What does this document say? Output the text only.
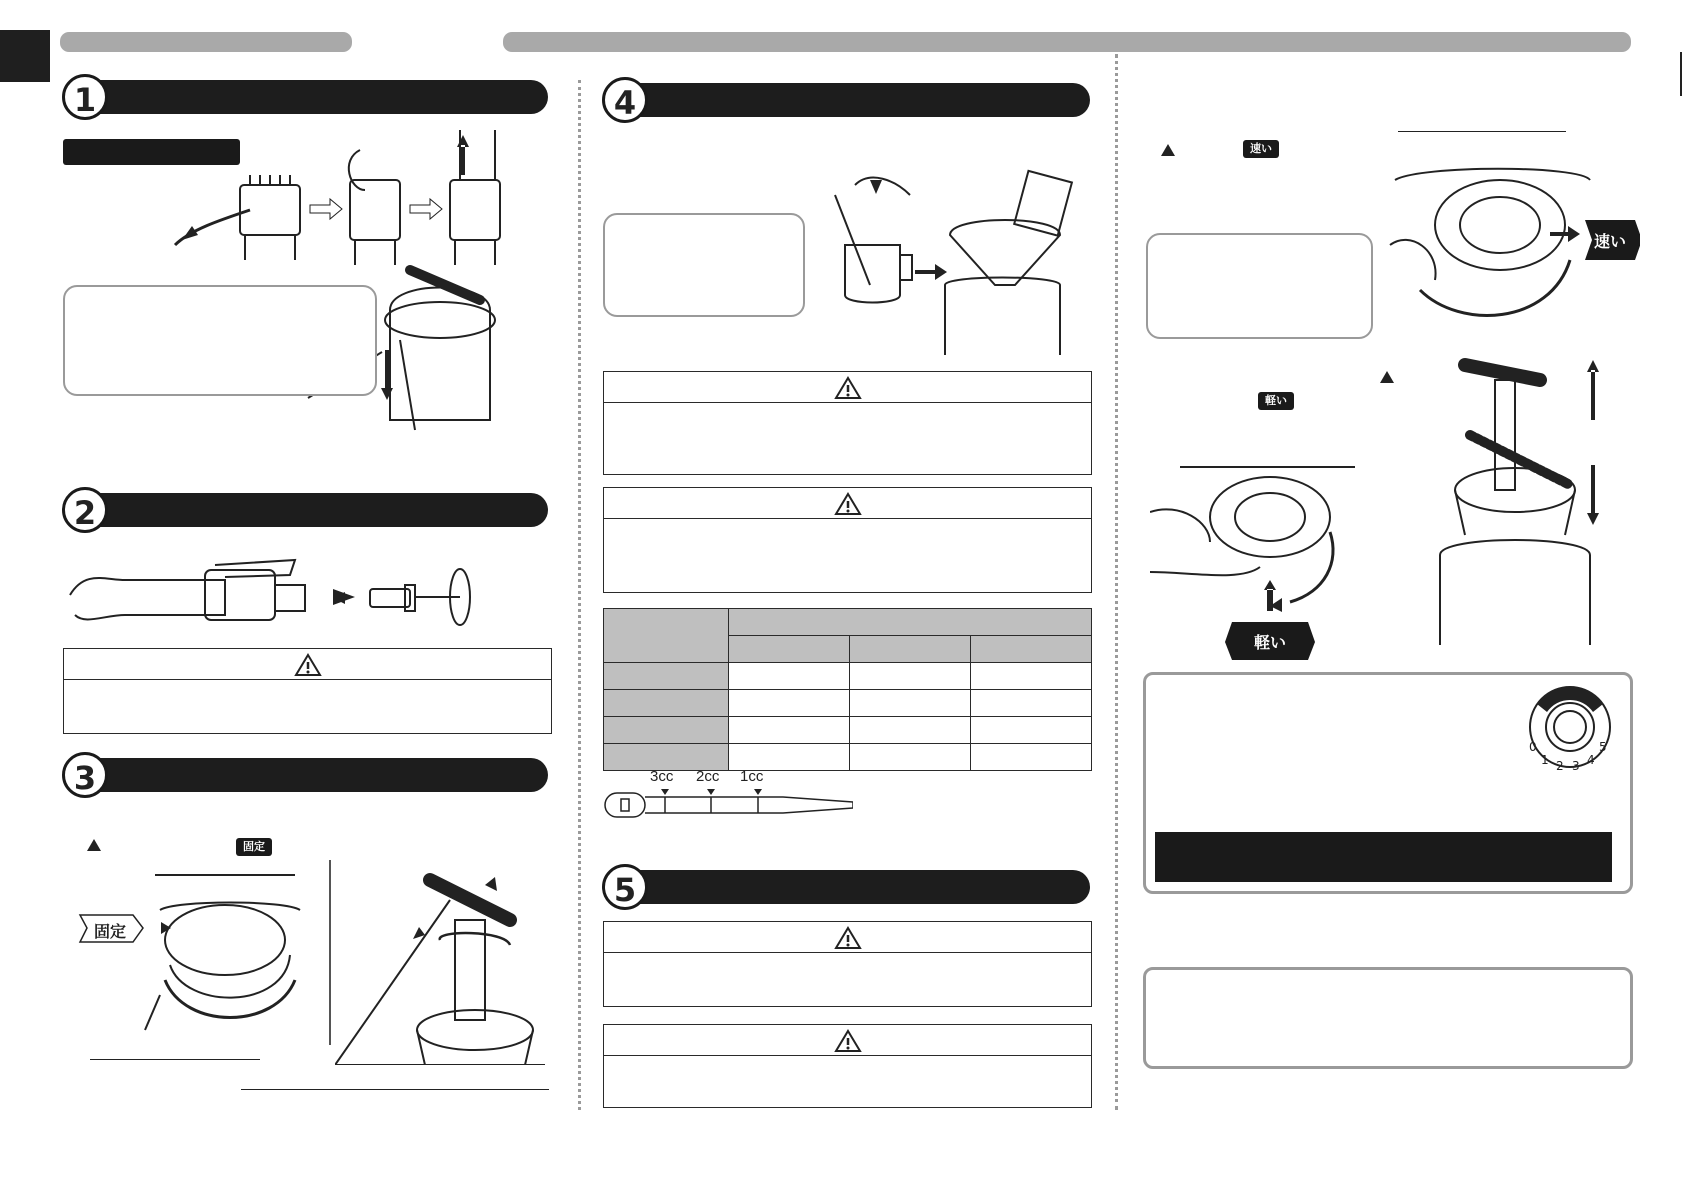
1
2
3
固定
固定
4

3cc 2cc 1cc
5
速い
速い
軽い
軽い
0
1 2 3 4
5
